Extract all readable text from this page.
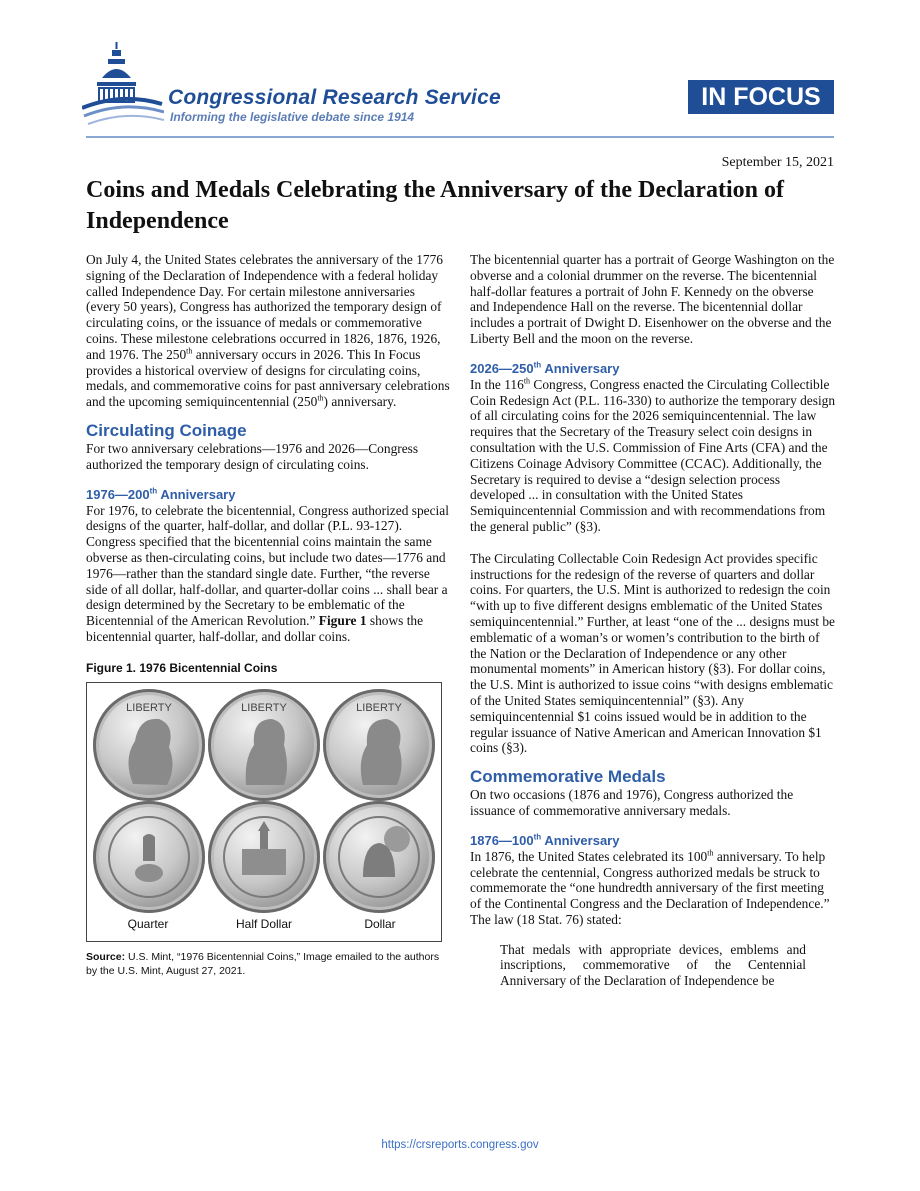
Congressional Research Service
Informing the legislative debate since 1914
IN FOCUS
September 15, 2021
Coins and Medals Celebrating the Anniversary of the Declaration of Independence

On July 4, the United States celebrates the anniversary of the 1776 signing of the Declaration of Independence with a federal holiday called Independence Day. For certain milestone anniversaries (every 50 years), Congress has authorized the temporary design of circulating coins, or the issuance of medals or commemorative coins. These milestone celebrations occurred in 1826, 1876, 1926, and 1976. The 250th anniversary occurs in 2026. This In Focus provides a historical overview of designs for circulating coins, medals, and commemorative coins for past anniversary celebrations and the upcoming semiquincentennial (250th) anniversary.

Circulating Coinage

For two anniversary celebrations—1976 and 2026—Congress authorized the temporary design of circulating coins.

1976—200th Anniversary

For 1976, to celebrate the bicentennial, Congress authorized special designs of the quarter, half-dollar, and dollar (P.L. 93-127). Congress specified that the bicentennial coins maintain the same obverse as then-circulating coins, but include two dates—1776 and 1976—rather than the standard single date. Further, “the reverse side of all dollar, half-dollar, and quarter-dollar coins ... shall bear a design determined by the Secretary to be emblematic of the Bicentennial of the American Revolution.” Figure 1 shows the bicentennial quarter, half-dollar, and dollar coins.

Figure 1. 1976 Bicentennial Coins

LIBERTY	LIBERTY	LIBERTY
Quarter	Half Dollar	Dollar

Source: U.S. Mint, “1976 Bicentennial Coins,” Image emailed to the authors by the U.S. Mint, August 27, 2021.

The bicentennial quarter has a portrait of George Washington on the obverse and a colonial drummer on the reverse. The bicentennial half-dollar features a portrait of John F. Kennedy on the obverse and Independence Hall on the reverse. The bicentennial dollar includes a portrait of Dwight D. Eisenhower on the obverse and the Liberty Bell and the moon on the reverse.

2026—250th Anniversary

In the 116th Congress, Congress enacted the Circulating Collectible Coin Redesign Act (P.L. 116-330) to authorize the temporary design of all circulating coins for the 2026 semiquincentennial. The law requires that the Secretary of the Treasury select coin designs in consultation with the U.S. Commission of Fine Arts (CFA) and the Citizens Coinage Advisory Committee (CCAC). Additionally, the Secretary is required to devise a “design selection process developed ... in consultation with the United States Semiquincentennial Commission and with recommendations from the general public” (§3).

The Circulating Collectable Coin Redesign Act provides specific instructions for the redesign of the reverse of quarters and dollar coins. For quarters, the U.S. Mint is authorized to redesign the coin “with up to five different designs emblematic of the United States semiquincentennial.” Further, at least “one of the ... designs must be emblematic of a woman’s or women’s contribution to the birth of the Nation or the Declaration of Independence or any other monumental moments” in American history (§3). For dollar coins, the U.S. Mint is authorized to issue coins “with designs emblematic of the United States semiquincentennial” (§3). Any semiquincentennial $1 coins issued would be in addition to the regular issuance of Native American and American Innovation $1 coins (§3).

Commemorative Medals

On two occasions (1876 and 1976), Congress authorized the issuance of commemorative anniversary medals.

1876—100th Anniversary

In 1876, the United States celebrated its 100th anniversary. To help celebrate the centennial, Congress authorized medals be struck to commemorate the “one hundredth anniversary of the first meeting of the Continental Congress and the Declaration of Independence.” The law (18 Stat. 76) stated:

That medals with appropriate devices, emblems and inscriptions, commemorative of the Centennial Anniversary of the Declaration of Independence be

https://crsreports.congress.gov
